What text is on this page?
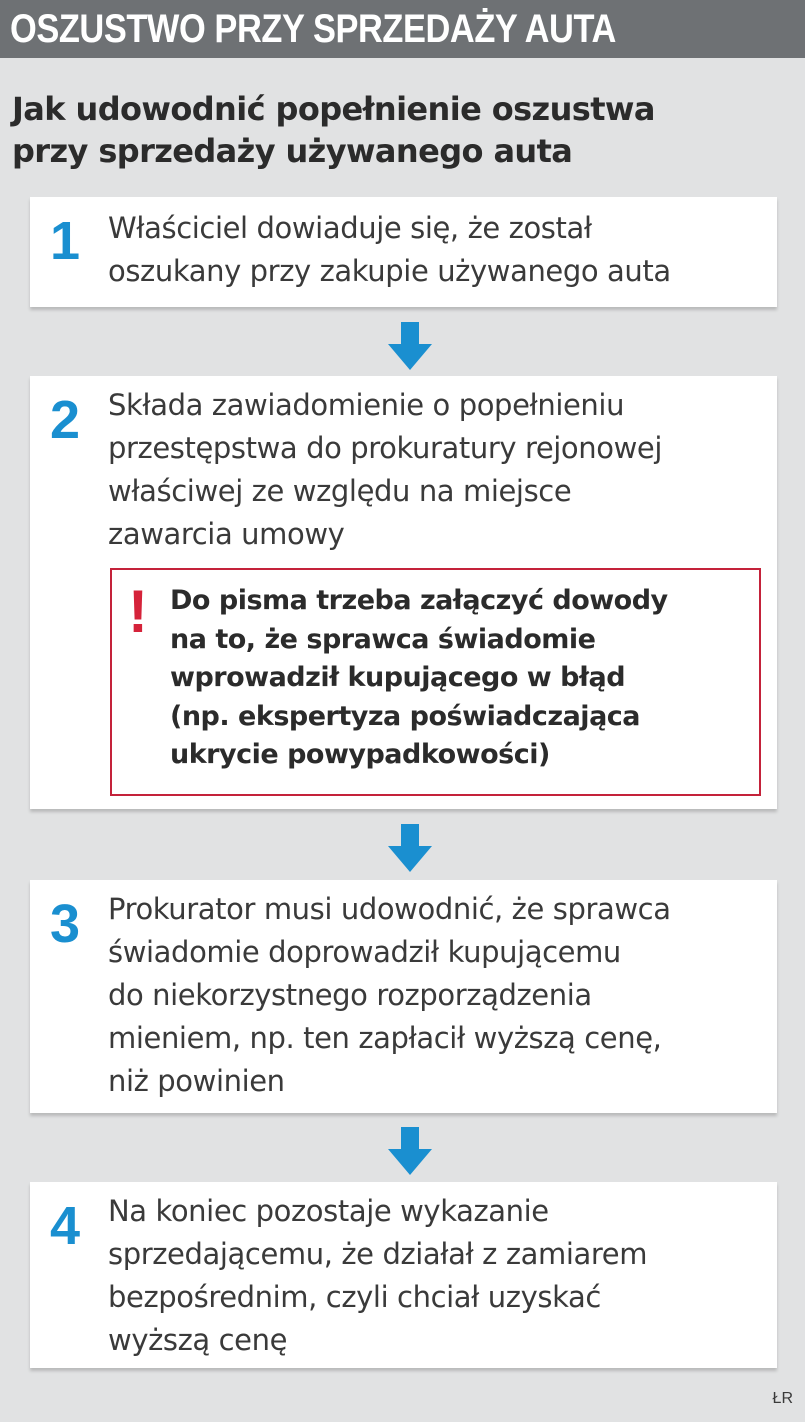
OSZUSTWO PRZY SPRZEDAŻY AUTA
Jak udowodnić popełnienie oszustwa
przy sprzedaży używanego auta
1 Właściciel dowiaduje się, że został
oszukany przy zakupie używanego auta
2 Składa zawiadomienie o popełnieniu
przestępstwa do prokuratury rejonowej
właściwej ze względu na miejsce
zawarcia umowy
! Do pisma trzeba załączyć dowody
na to, że sprawca świadomie
wprowadził kupującego w błąd
(np. ekspertyza poświadczająca
ukrycie powypadkowości)
3 Prokurator musi udowodnić, że sprawca
świadomie doprowadził kupującemu
do niekorzystnego rozporządzenia
mieniem, np. ten zapłacił wyższą cenę,
niż powinien
4 Na koniec pozostaje wykazanie
sprzedającemu, że działał z zamiarem
bezpośrednim, czyli chciał uzyskać
wyższą cenę
ŁR
